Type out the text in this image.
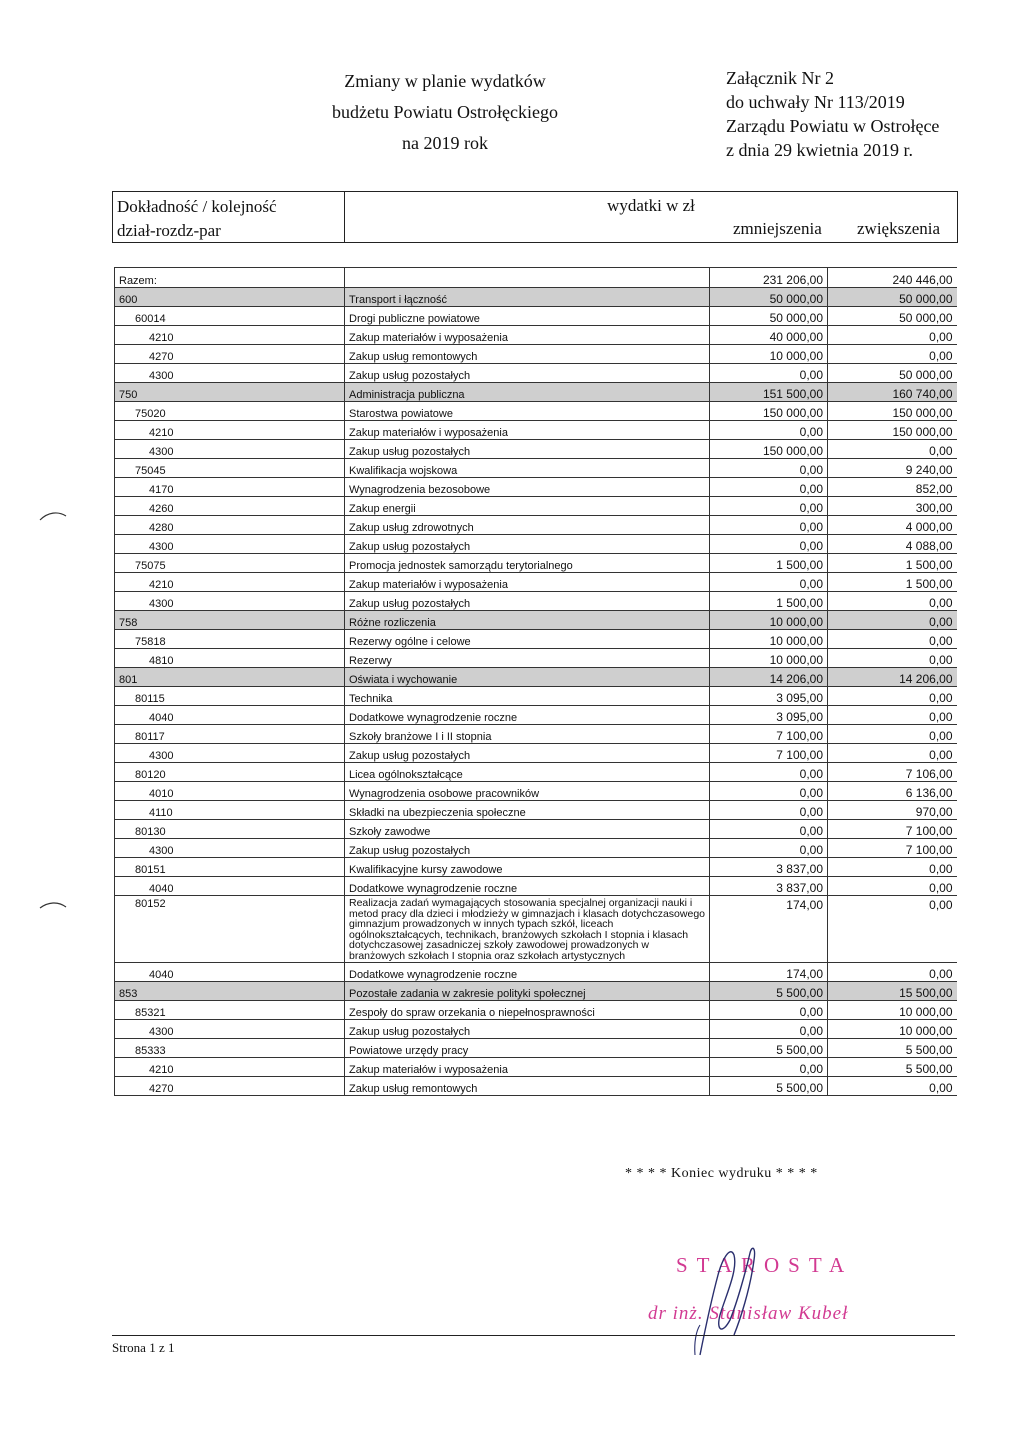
Zmiany w planie wydatków
budżetu Powiatu Ostrołęckiego
na 2019 rok
Załącznik Nr 2
do uchwały Nr 113/2019
Zarządu Powiatu w Ostrołęce
z dnia 29 kwietnia 2019 r.
Dokładność / kolejność
dział-rozdz-par
wydatki w zł
zmniejszenia zwiększenia
Razem:		231 206,00	240 446,00
600	Transport i łączność	50 000,00	50 000,00
60014	Drogi publiczne powiatowe	50 000,00	50 000,00
4210	Zakup materiałów i wyposażenia	40 000,00	0,00
4270	Zakup usług remontowych	10 000,00	0,00
4300	Zakup usług pozostałych	0,00	50 000,00
750	Administracja publiczna	151 500,00	160 740,00
75020	Starostwa powiatowe	150 000,00	150 000,00
4210	Zakup materiałów i wyposażenia	0,00	150 000,00
4300	Zakup usług pozostałych	150 000,00	0,00
75045	Kwalifikacja wojskowa	0,00	9 240,00
4170	Wynagrodzenia bezosobowe	0,00	852,00
4260	Zakup energii	0,00	300,00
4280	Zakup usług zdrowotnych	0,00	4 000,00
4300	Zakup usług pozostałych	0,00	4 088,00
75075	Promocja jednostek samorządu terytorialnego	1 500,00	1 500,00
4210	Zakup materiałów i wyposażenia	0,00	1 500,00
4300	Zakup usług pozostałych	1 500,00	0,00
758	Różne rozliczenia	10 000,00	0,00
75818	Rezerwy ogólne i celowe	10 000,00	0,00
4810	Rezerwy	10 000,00	0,00
801	Oświata i wychowanie	14 206,00	14 206,00
80115	Technika	3 095,00	0,00
4040	Dodatkowe wynagrodzenie roczne	3 095,00	0,00
80117	Szkoły branżowe I i II stopnia	7 100,00	0,00
4300	Zakup usług pozostałych	7 100,00	0,00
80120	Licea ogólnokształcące	0,00	7 106,00
4010	Wynagrodzenia osobowe pracowników	0,00	6 136,00
4110	Składki na ubezpieczenia społeczne	0,00	970,00
80130	Szkoły zawodwe	0,00	7 100,00
4300	Zakup usług pozostałych	0,00	7 100,00
80151	Kwalifikacyjne kursy zawodowe	3 837,00	0,00
4040	Dodatkowe wynagrodzenie roczne	3 837,00	0,00
80152	Realizacja zadań wymagających stosowania specjalnej organizacji nauki i metod pracy dla dzieci i młodzieży w gimnazjach i klasach dotychczasowego gimnazjum prowadzonych w innych typach szkół, liceach ogólnokształcących, technikach, branżowych szkołach I stopnia i klasach dotychczasowej zasadniczej szkoły zawodowej prowadzonych w branżowych szkołach I stopnia oraz szkołach artystycznych	174,00	0,00
4040	Dodatkowe wynagrodzenie roczne	174,00	0,00
853	Pozostałe zadania w zakresie polityki społecznej	5 500,00	15 500,00
85321	Zespoły do spraw orzekania o niepełnosprawności	0,00	10 000,00
4300	Zakup usług pozostałych	0,00	10 000,00
85333	Powiatowe urzędy pracy	5 500,00	5 500,00
4210	Zakup materiałów i wyposażenia	0,00	5 500,00
4270	Zakup usług remontowych	5 500,00	0,00
* * * * Koniec wydruku * * * *
STAROSTA
dr inż. Stanisław Kubeł
Strona 1 z 1
